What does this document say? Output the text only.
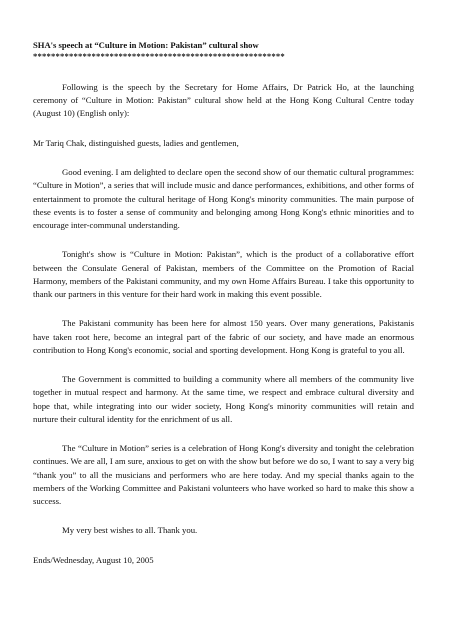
SHA's speech at “Culture in Motion: Pakistan” cultural show
********************************************************

Following is the speech by the Secretary for Home Affairs, Dr Patrick Ho, at the launching ceremony of “Culture in Motion: Pakistan” cultural show held at the Hong Kong Cultural Centre today (August 10) (English only):

Mr Tariq Chak, distinguished guests, ladies and gentlemen,

Good evening. I am delighted to declare open the second show of our thematic cultural programmes: “Culture in Motion”, a series that will include music and dance performances, exhibitions, and other forms of entertainment to promote the cultural heritage of Hong Kong's minority communities. The main purpose of these events is to foster a sense of community and belonging among Hong Kong's ethnic minorities and to encourage inter-communal understanding.

Tonight's show is “Culture in Motion: Pakistan”, which is the product of a collaborative effort between the Consulate General of Pakistan, members of the Committee on the Promotion of Racial Harmony, members of the Pakistani community, and my own Home Affairs Bureau. I take this opportunity to thank our partners in this venture for their hard work in making this event possible.

The Pakistani community has been here for almost 150 years. Over many generations, Pakistanis have taken root here, become an integral part of the fabric of our society, and have made an enormous contribution to Hong Kong's economic, social and sporting development. Hong Kong is grateful to you all.

The Government is committed to building a community where all members of the community live together in mutual respect and harmony. At the same time, we respect and embrace cultural diversity and hope that, while integrating into our wider society, Hong Kong's minority communities will retain and nurture their cultural identity for the enrichment of us all.

The “Culture in Motion” series is a celebration of Hong Kong's diversity and tonight the celebration continues. We are all, I am sure, anxious to get on with the show but before we do so, I want to say a very big “thank you” to all the musicians and performers who are here today. And my special thanks again to the members of the Working Committee and Pakistani volunteers who have worked so hard to make this show a success.

My very best wishes to all. Thank you.

Ends/Wednesday, August 10, 2005
